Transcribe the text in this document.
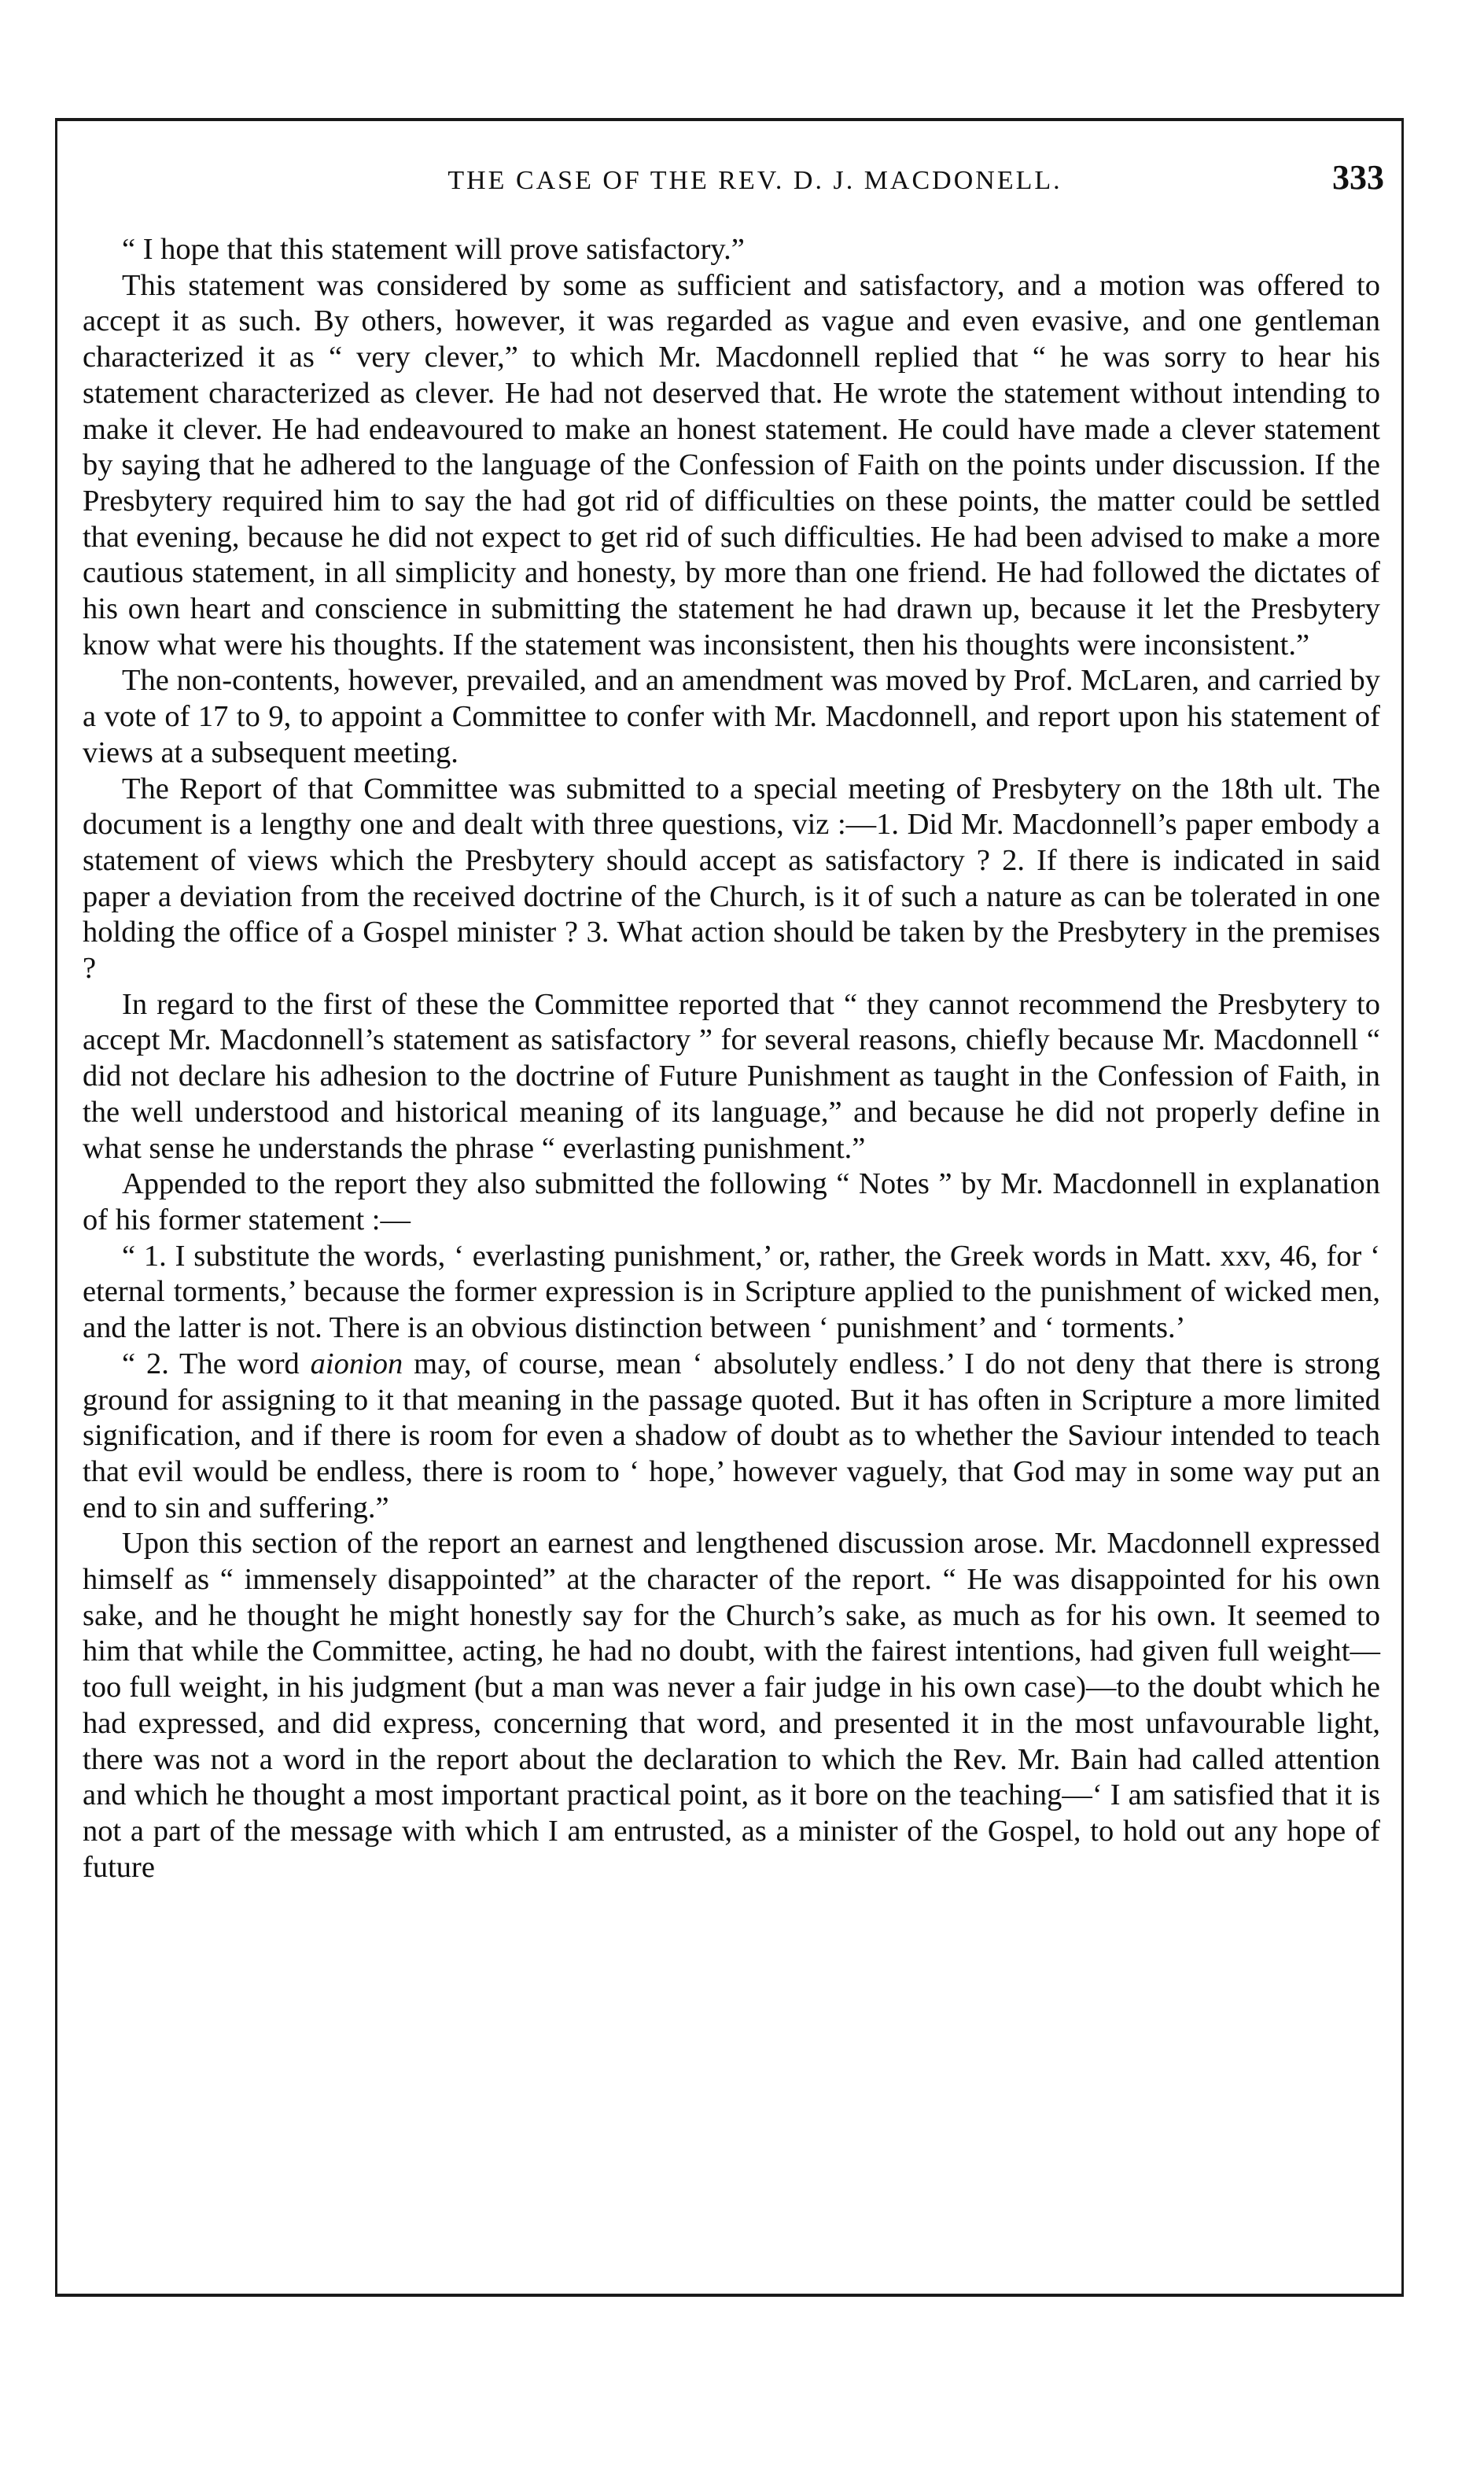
THE CASE OF THE REV. D. J. MACDONELL.	333

“ I hope that this statement will prove satisfactory.”

This statement was considered by some as sufficient and satisfactory, and a motion was offered to accept it as such. By others, however, it was regarded as vague and even evasive, and one gentleman characterized it as “ very clever,” to which Mr. Macdonnell replied that “ he was sorry to hear his statement characterized as clever. He had not deserved that. He wrote the statement without intending to make it clever. He had endeavoured to make an honest statement. He could have made a clever statement by saying that he adhered to the language of the Confession of Faith on the points under discussion. If the Presbytery required him to say the had got rid of difficulties on these points, the matter could be settled that evening, because he did not expect to get rid of such difficulties. He had been advised to make a more cautious statement, in all simplicity and honesty, by more than one friend. He had followed the dictates of his own heart and conscience in submitting the statement he had drawn up, because it let the Presbytery know what were his thoughts. If the statement was inconsistent, then his thoughts were inconsistent.”

The non-contents, however, prevailed, and an amendment was moved by Prof. McLaren, and carried by a vote of 17 to 9, to appoint a Committee to confer with Mr. Macdonnell, and report upon his statement of views at a subsequent meeting.

The Report of that Committee was submitted to a special meeting of Presbytery on the 18th ult. The document is a lengthy one and dealt with three questions, viz :—1. Did Mr. Macdonnell’s paper embody a statement of views which the Presbytery should accept as satisfactory ? 2. If there is indicated in said paper a deviation from the received doctrine of the Church, is it of such a nature as can be tolerated in one holding the office of a Gospel minister ? 3. What action should be taken by the Presbytery in the premises ?

In regard to the first of these the Committee reported that “ they cannot recommend the Presbytery to accept Mr. Macdonnell’s statement as satisfactory ” for several reasons, chiefly because Mr. Macdonnell “ did not declare his adhesion to the doctrine of Future Punishment as taught in the Confession of Faith, in the well understood and historical meaning of its language,” and because he did not properly define in what sense he understands the phrase “ everlasting punishment.”

Appended to the report they also submitted the following “ Notes ” by Mr. Macdonnell in explanation of his former statement :—

“ 1. I substitute the words, ‘ everlasting punishment,’ or, rather, the Greek words in Matt. xxv, 46, for ‘ eternal torments,’ because the former expression is in Scripture applied to the punishment of wicked men, and the latter is not. There is an obvious distinction between ‘ punishment’ and ‘ torments.’

“ 2. The word aionion may, of course, mean ‘ absolutely endless.’ I do not deny that there is strong ground for assigning to it that meaning in the passage quoted. But it has often in Scripture a more limited signification, and if there is room for even a shadow of doubt as to whether the Saviour intended to teach that evil would be endless, there is room to ‘ hope,’ however vaguely, that God may in some way put an end to sin and suffering.”

Upon this section of the report an earnest and lengthened discussion arose. Mr. Macdonnell expressed himself as “ immensely disappointed” at the character of the report. “ He was disappointed for his own sake, and he thought he might honestly say for the Church’s sake, as much as for his own. It seemed to him that while the Committee, acting, he had no doubt, with the fairest intentions, had given full weight—too full weight, in his judgment (but a man was never a fair judge in his own case)—to the doubt which he had expressed, and did express, concerning that word, and presented it in the most unfavourable light, there was not a word in the report about the declaration to which the Rev. Mr. Bain had called attention and which he thought a most important practical point, as it bore on the teaching—‘ I am satisfied that it is not a part of the message with which I am entrusted, as a minister of the Gospel, to hold out any hope of future
